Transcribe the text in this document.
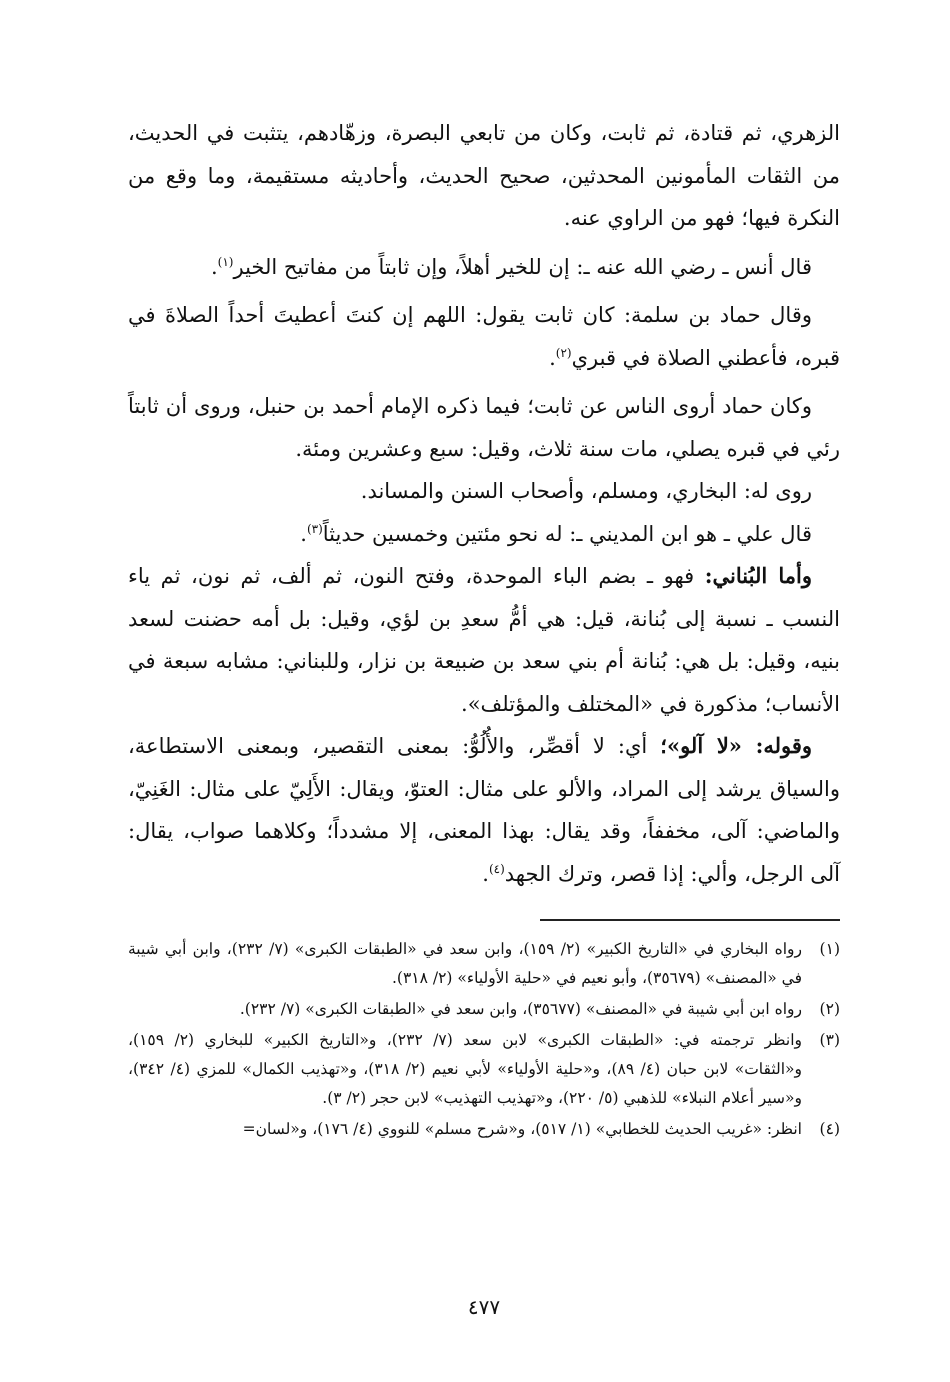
الزهري، ثم قتادة، ثم ثابت، وكان من تابعي البصرة، وزهّادهم، يتثبت في الحديث، من الثقات المأمونين المحدثين، صحيح الحديث، وأحاديثه مستقيمة، وما وقع من النكرة فيها؛ فهو من الراوي عنه.

قال أنس ـ رضي الله عنه ـ: إن للخير أهلاً، وإن ثابتاً من مفاتيح الخير$^{(١)}$.

وقال حماد بن سلمة: كان ثابت يقول: اللهم إن كنتَ أعطيتَ أحداً الصلاةَ في قبره، فأعطني الصلاة في قبري$^{(٢)}$.

وكان حماد أروى الناس عن ثابت؛ فيما ذكره الإمام أحمد بن حنبل، وروى أن ثابتاً رئي في قبره يصلي، مات سنة ثلاث، وقيل: سبع وعشرين ومئة.

روى له: البخاري، ومسلم، وأصحاب السنن والمساند.

قال علي ـ هو ابن المديني ـ: له نحو مئتين وخمسين حديثاً$^{(٣)}$.

وأما البُناني: فهو ـ بضم الباء الموحدة، وفتح النون، ثم ألف، ثم نون، ثم ياء النسب ـ نسبة إلى بُنانة، قيل: هي أمُّ سعدِ بن لؤي، وقيل: بل أمه حضنت لسعد بنيه، وقيل: بل هي: بُنانة أم بني سعد بن ضبيعة بن نزار، وللبناني: مشابه سبعة في الأنساب؛ مذكورة في «المختلف والمؤتلف».

وقوله: «لا آلو»؛ أي: لا أقصِّر، والأُلُوُّ: بمعنى التقصير، وبمعنى الاستطاعة، والسياق يرشد إلى المراد، والألو على مثال: العتوّ، ويقال: الأَلِيّ على مثال: الغَنِيّ، والماضي: آلى، مخففاً، وقد يقال: بهذا المعنى، إلا مشدداً؛ وكلاهما صواب، يقال: آلى الرجل، وألي: إذا قصر، وترك الجهد$^{(٤)}$.

(١)
رواه البخاري في «التاريخ الكبير» (٢/ ١٥٩)، وابن سعد في «الطبقات الكبرى» (٧/ ٢٣٢)، وابن أبي شيبة في «المصنف» (٣٥٦٧٩)، وأبو نعيم في «حلية الأولياء» (٢/ ٣١٨).
(٢)
رواه ابن أبي شيبة في «المصنف» (٣٥٦٧٧)، وابن سعد في «الطبقات الكبرى» (٧/ ٢٣٢).
(٣)
وانظر ترجمته في: «الطبقات الكبرى» لابن سعد (٧/ ٢٣٢)، و«التاريخ الكبير» للبخاري (٢/ ١٥٩)، و«الثقات» لابن حبان (٤/ ٨٩)، و«حلية الأولياء» لأبي نعيم (٢/ ٣١٨)، و«تهذيب الكمال» للمزي (٤/ ٣٤٢)، و«سير أعلام النبلاء» للذهبي (٥/ ٢٢٠)، و«تهذيب التهذيب» لابن حجر (٢/ ٣).
(٤)
انظر: «غريب الحديث للخطابي» (١/ ٥١٧)، و«شرح مسلم» للنووي (٤/ ١٧٦)، و«لسان=
٤٧٧
